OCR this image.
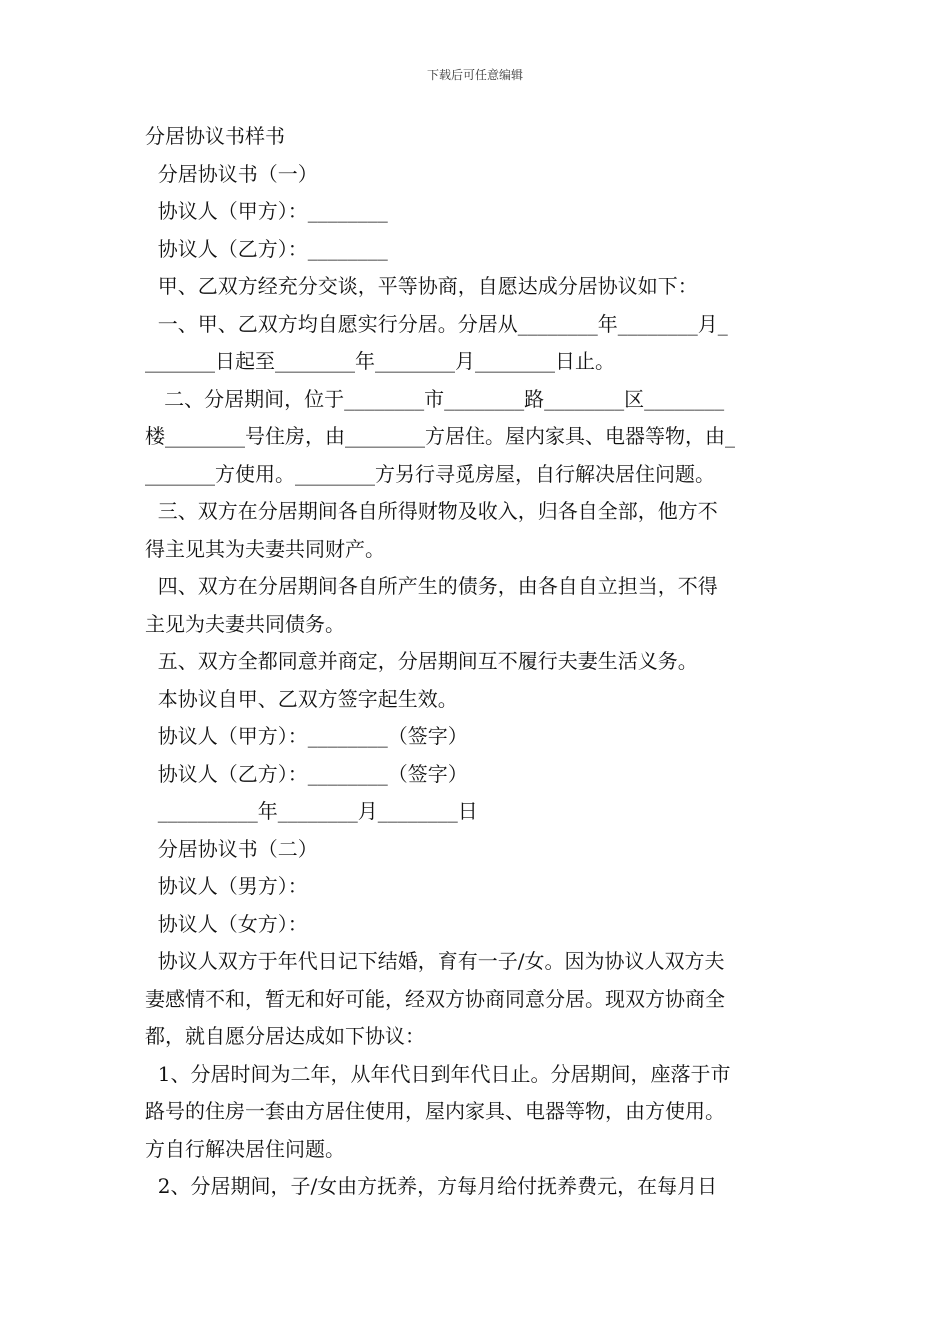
下载后可任意编辑
分居协议书样书
分居协议书（一）
协议人（甲方）：________
协议人（乙方）：________
甲、乙双方经充分交谈，平等协商，自愿达成分居协议如下：
一、甲、乙双方均自愿实行分居。分居从________年________月_
_______日起至________年________月________日止。
二、分居期间，位于________市________路________区________
楼________号住房，由________方居住。屋内家具、电器等物，由_
_______方使用。________方另行寻觅房屋，自行解决居住问题。
三、双方在分居期间各自所得财物及收入，归各自全部，他方不
得主见其为夫妻共同财产。
四、双方在分居期间各自所产生的债务，由各自自立担当，不得
主见为夫妻共同债务。
五、双方全都同意并商定，分居期间互不履行夫妻生活义务。
本协议自甲、乙双方签字起生效。
协议人（甲方）：________（签字）
协议人（乙方）：________（签字）
__________年________月________日
分居协议书（二）
协议人（男方）：
协议人（女方）：
协议人双方于年代日记下结婚，育有一子/女。因为协议人双方夫
妻感情不和，暂无和好可能，经双方协商同意分居。现双方协商全
都，就自愿分居达成如下协议：
1、分居时间为二年，从年代日到年代日止。分居期间，座落于市
路号的住房一套由方居住使用，屋内家具、电器等物，由方使用。
方自行解决居住问题。
2、分居期间，子/女由方抚养，方每月给付抚养费元，在每月日
